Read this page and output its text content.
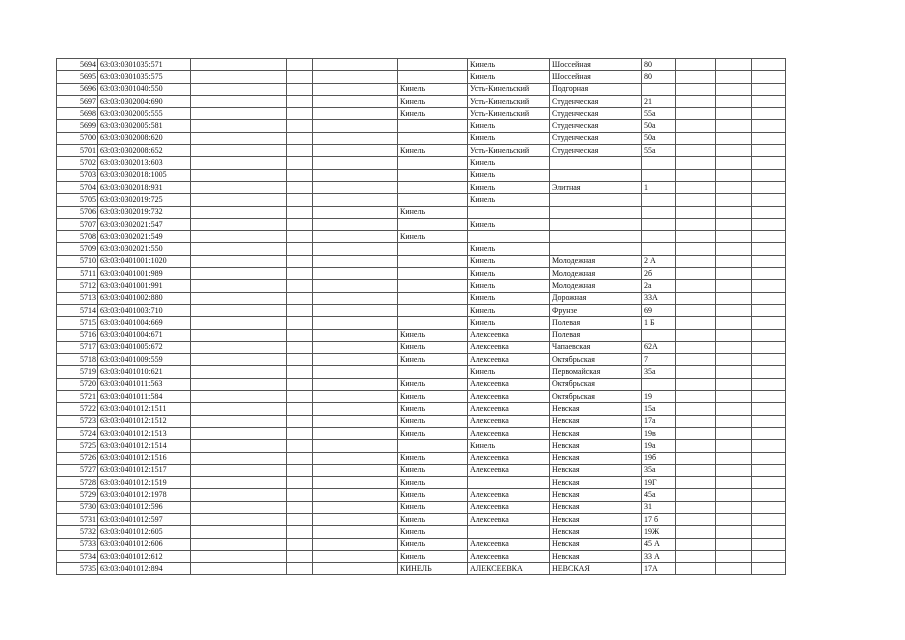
5694	63:03:0301035:571					Кинель	Шоссейная	80			
5695	63:03:0301035:575					Кинель	Шоссейная	80			
5696	63:03:0301040:550				Кинель	Усть-Кинельский	Подгорная				
5697	63:03:0302004:690				Кинель	Усть-Кинельский	Студенческая	21			
5698	63:03:0302005:555				Кинель	Усть-Кинельский	Студенческая	55а			
5699	63:03:0302005:581					Кинель	Студенческая	50а			
5700	63:03:0302008:620					Кинель	Студенческая	50а			
5701	63:03:0302008:652				Кинель	Усть-Кинельский	Студенческая	55а			
5702	63:03:0302013:603					Кинель					
5703	63:03:0302018:1005					Кинель					
5704	63:03:0302018:931					Кинель	Элитная	1			
5705	63:03:0302019:725					Кинель					
5706	63:03:0302019:732				Кинель						
5707	63:03:0302021:547					Кинель					
5708	63:03:0302021:549				Кинель						
5709	63:03:0302021:550					Кинель					
5710	63:03:0401001:1020					Кинель	Молодежная	2 А			
5711	63:03:0401001:989					Кинель	Молодежная	2б			
5712	63:03:0401001:991					Кинель	Молодежная	2а			
5713	63:03:0401002:880					Кинель	Дорожная	33А			
5714	63:03:0401003:710					Кинель	Фрунзе	69			
5715	63:03:0401004:669					Кинель	Полевая	1 Б			
5716	63:03:0401004:671				Кинель	Алексеевка	Полевая				
5717	63:03:0401005:672				Кинель	Алексеевка	Чапаевская	62А			
5718	63:03:0401009:559				Кинель	Алексеевка	Октябрьская	7			
5719	63:03:0401010:621					Кинель	Первомайская	35а			
5720	63:03:0401011:563				Кинель	Алексеевка	Октябрьская				
5721	63:03:0401011:584				Кинель	Алексеевка	Октябрьская	19			
5722	63:03:0401012:1511				Кинель	Алексеевка	Невская	15а			
5723	63:03:0401012:1512				Кинель	Алексеевка	Невская	17а			
5724	63:03:0401012:1513				Кинель	Алексеевка	Невская	19в			
5725	63:03:0401012:1514					Кинель	Невская	19а			
5726	63:03:0401012:1516				Кинель	Алексеевка	Невская	19б			
5727	63:03:0401012:1517				Кинель	Алексеевка	Невская	35а			
5728	63:03:0401012:1519				Кинель		Невская	19Г			
5729	63:03:0401012:1978				Кинель	Алексеевка	Невская	45а			
5730	63:03:0401012:596				Кинель	Алексеевка	Невская	31			
5731	63:03:0401012:597				Кинель	Алексеевка	Невская	17 б			
5732	63:03:0401012:605				Кинель		Невская	19Ж			
5733	63:03:0401012:606				Кинель	Алексеевка	Невская	45 А			
5734	63:03:0401012:612				Кинель	Алексеевка	Невская	33 А			
5735	63:03:0401012:894				КИНЕЛЬ	АЛЕКСЕЕВКА	НЕВСКАЯ	17А			
